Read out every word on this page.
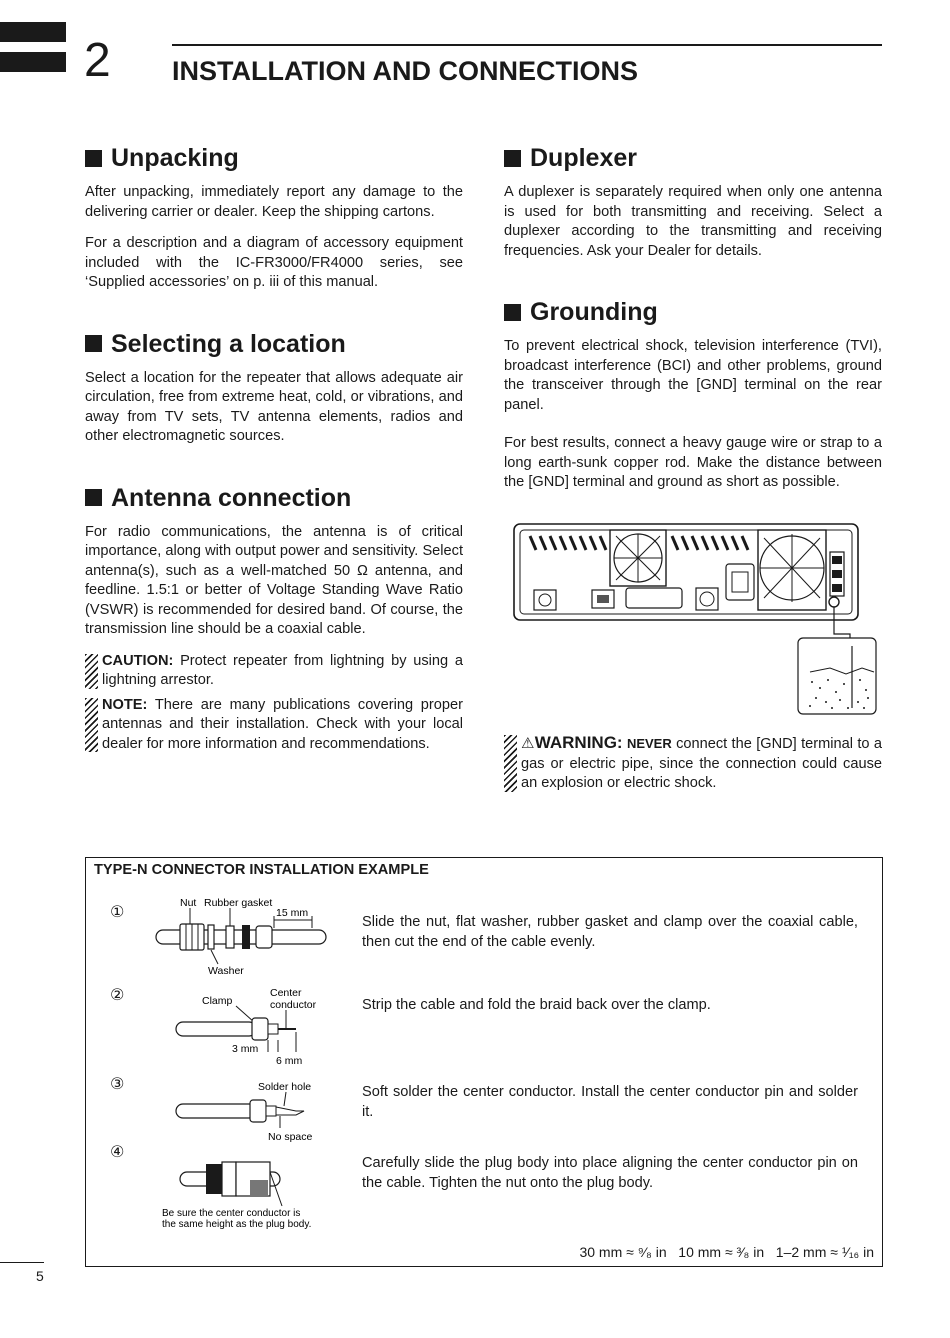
2 INSTALLATION AND CONNECTIONS
Unpacking

After unpacking, immediately report any damage to the delivering carrier or dealer. Keep the shipping cartons.

For a description and a diagram of accessory equipment included with the IC-FR3000/FR4000 series, see ‘Supplied accessories’ on p. iii of this manual.

Selecting a location

Select a location for the repeater that allows adequate air circulation, free from extreme heat, cold, or vibrations, and away from TV sets, TV antenna elements, radios and other electromagnetic sources.

Antenna connection

For radio communications, the antenna is of critical importance, along with output power and sensitivity. Select antenna(s), such as a well-matched 50 Ω antenna, and feedline. 1.5:1 or better of Voltage Standing Wave Ratio (VSWR) is recommended for desired band. Of course, the transmission line should be a coaxial cable.

CAUTION: Protect repeater from lightning by using a lightning arrestor.
NOTE: There are many publications covering proper antennas and their installation. Check with your local dealer for more information and recommendations.
Duplexer

A duplexer is separately required when only one antenna is used for both transmitting and receiving. Select a duplexer according to the transmitting and receiving frequencies. Ask your Dealer for details.

Grounding

To prevent electrical shock, television interference (TVI), broadcast interference (BCI) and other problems, ground the transceiver through the [GND] terminal on the rear panel.

For best results, connect a heavy gauge wire or strap to a long earth-sunk copper rod. Make the distance between the [GND] terminal and ground as short as possible.

⚠WARNING: NEVER connect the [GND] terminal to a gas or electric pipe, since the connection could cause an explosion or electric shock.
TYPE-N CONNECTOR INSTALLATION EXAMPLE
①
②
③
④
Slide the nut, flat washer, rubber gasket and clamp over the coaxial cable, then cut the end of the cable evenly.
Strip the cable and fold the braid back over the clamp.
Soft solder the center conductor. Install the center conductor pin and solder it.
Carefully slide the plug body into place aligning the center conductor pin on the cable. Tighten the nut onto the plug body.
15 mm
Nut Rubber gasket
Washer
Clamp
Center
conductor
3 mm
6 mm
Solder hole
No space
Be sure the center conductor is
the same height as the plug body.
30 mm ≈ ⁹⁄₈ in   10 mm ≈ ³⁄₈ in   1–2 mm ≈ ¹⁄₁₆ in
5
